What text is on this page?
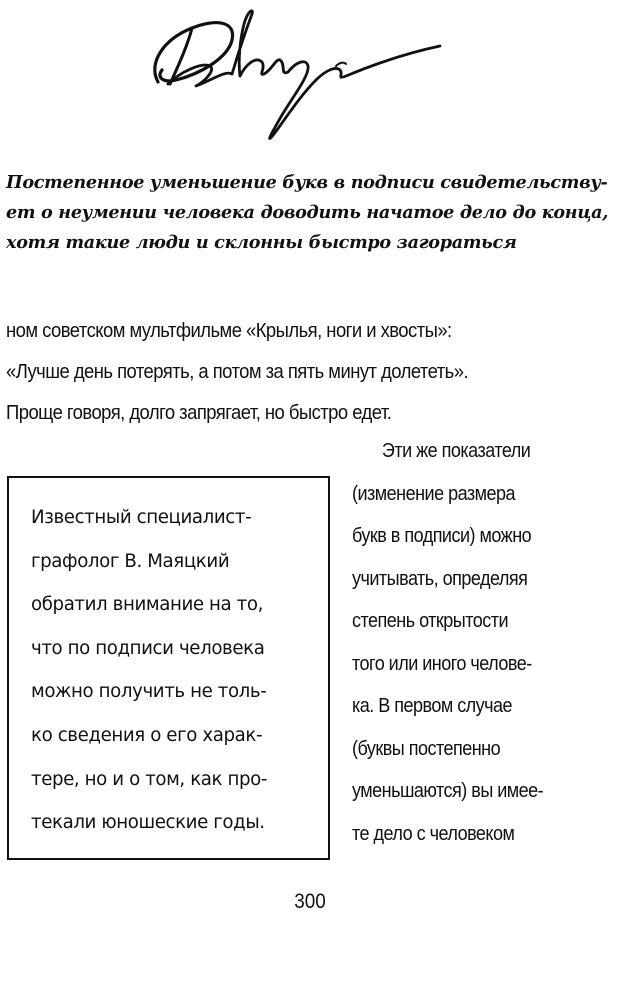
Постепенное уменьшение букв в подписи свидетельству-
ет о неумении человека доводить начатое дело до конца,
хотя такие люди и склонны быстро загораться
ном советском мультфильме «Крылья, ноги и хвосты»:
«Лучше день потерять, а потом за пять минут долететь».
Проще говоря, долго запрягает, но быстро едет.
Известный специалист-
графолог В. Маяцкий
обратил внимание на то,
что по подписи человека
можно получить не толь-
ко сведения о его харак-
тере, но и о том, как про-
текали юношеские годы.
Эти же показатели
(изменение размера
букв в подписи) можно
учитывать, определяя
степень открытости
того или иного челове-
ка. В первом случае
(буквы постепенно
уменьшаются) вы имее-
те дело с человеком
300
